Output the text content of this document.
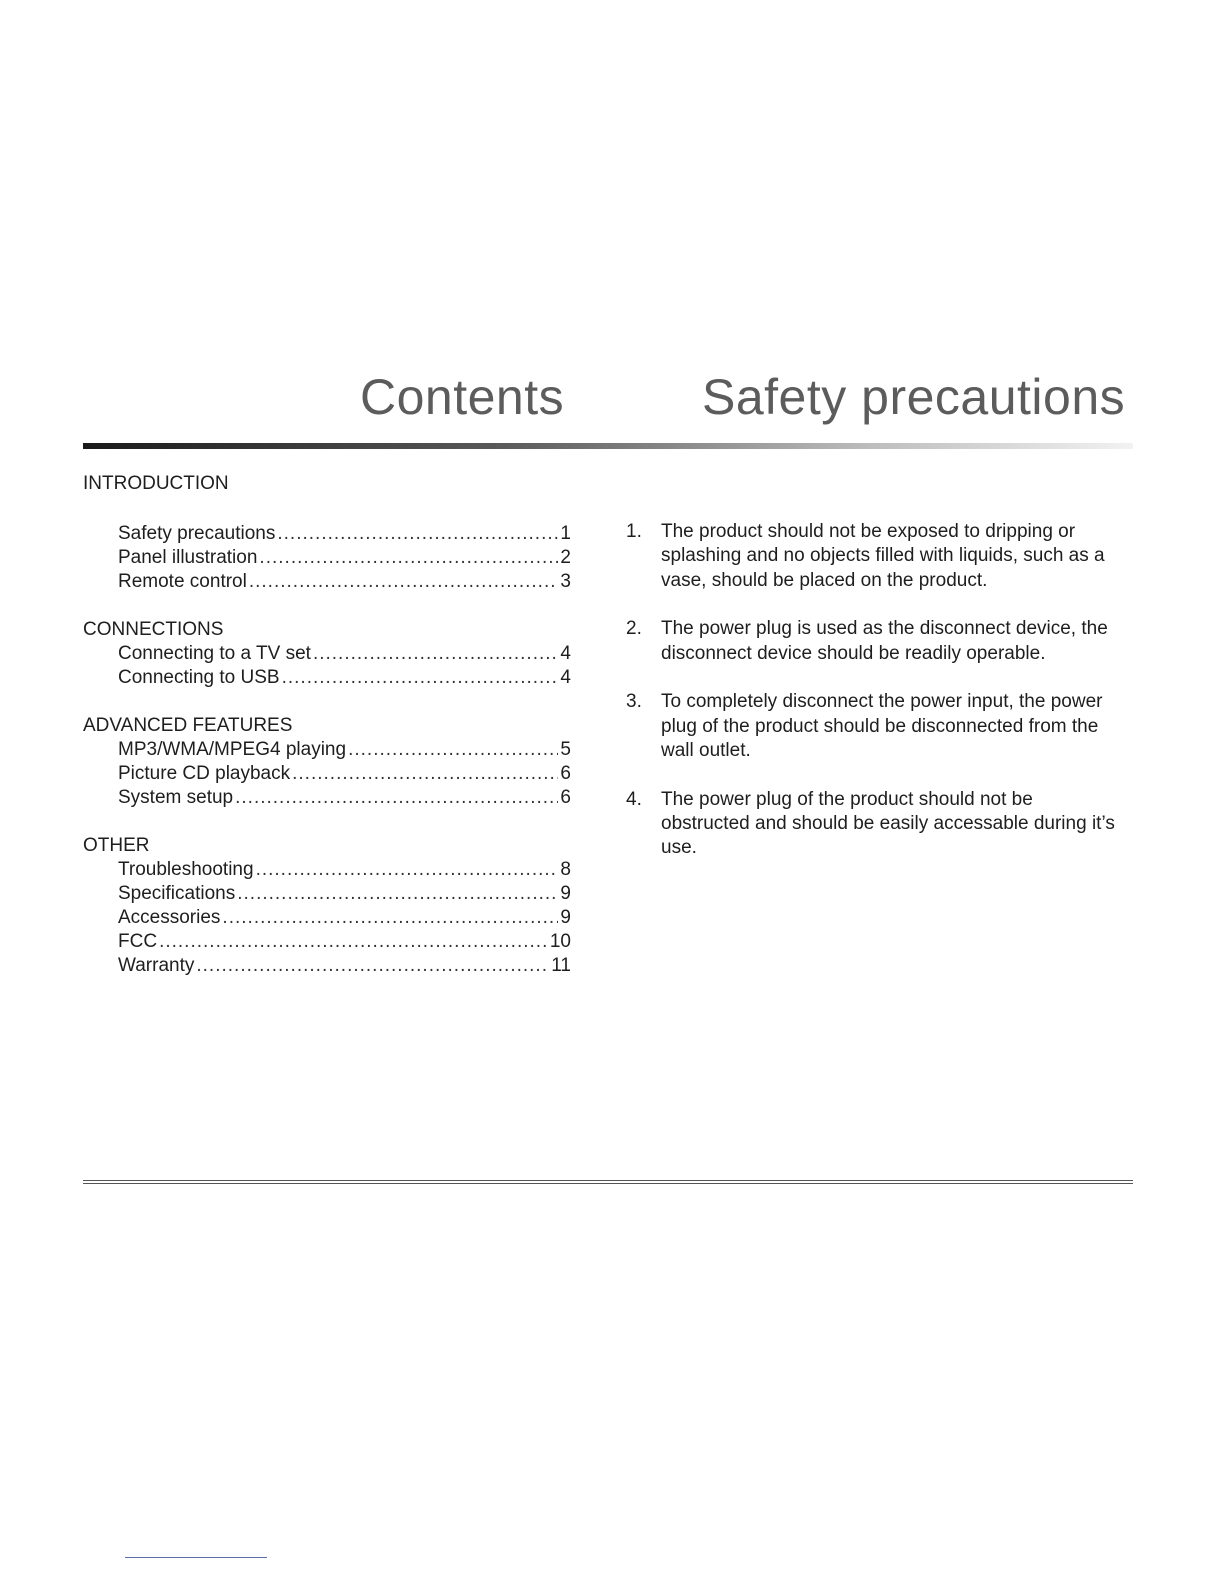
Contents	Safety precautions
INTRODUCTION
Safety precautions .....	1
Panel illustration .....	2
Remote control .....	3
CONNECTIONS
Connecting to a TV set .....	4
Connecting to USB .....	4
ADVANCED FEATURES
MP3/WMA/MPEG4 playing .....	5
Picture CD playback .....	6
System setup .....	6
OTHER
Troubleshooting .....	8
Specifications .....	9
Accessories .....	9
FCC .....	10
Warranty .....	11
1.	The product should not be exposed to dripping or splashing and no objects filled with liquids, such as a vase, should be placed on the product.
2.	The power plug is used as the disconnect device, the disconnect device should be readily operable.
3.	To completely disconnect the power input, the power plug of the product should be disconnected from the wall outlet.
4.	The power plug of the product should not be obstructed and should be easily accessable during it’s use.
